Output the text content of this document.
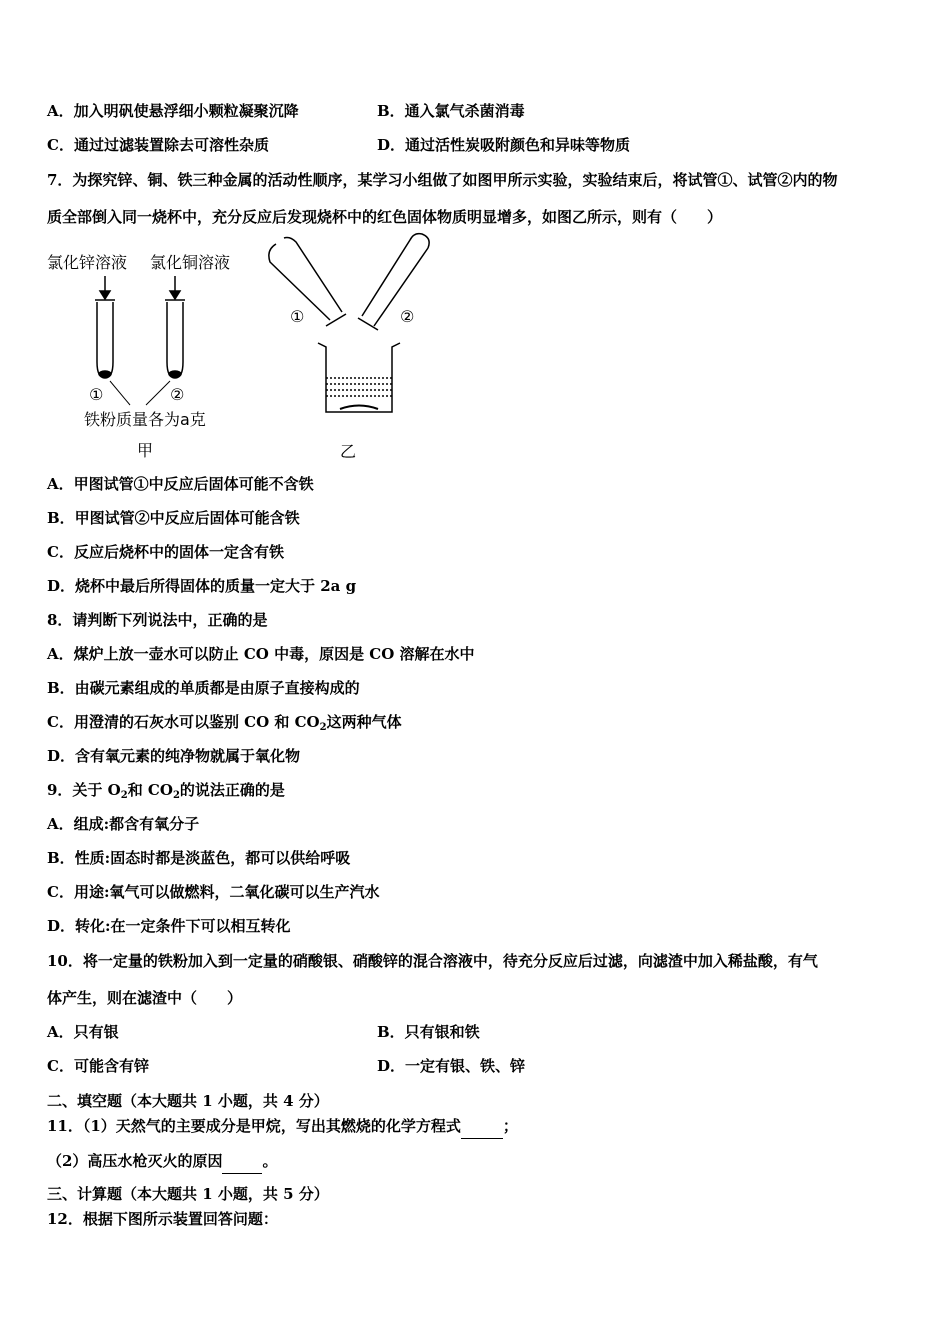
A．加入明矾使悬浮细小颗粒凝聚沉降	B．通入氯气杀菌消毒
C．通过过滤装置除去可溶性杂质	D．通过活性炭吸附颜色和异味等物质
7．为探究锌、铜、铁三种金属的活动性顺序，某学习小组做了如图甲所示实验，实验结束后，将试管①、试管②内的物
质全部倒入同一烧杯中，充分反应后发现烧杯中的红色固体物质明显增多，如图乙所示，则有（　　）
氯化锌溶液 氯化铜溶液
①	②
铁粉质量各为a克
甲
①	②
乙
A．甲图试管①中反应后固体可能不含铁
B．甲图试管②中反应后固体可能含铁
C．反应后烧杯中的固体一定含有铁
D．烧杯中最后所得固体的质量一定大于 2a g
8．请判断下列说法中，正确的是
A．煤炉上放一壶水可以防止 CO 中毒，原因是 CO 溶解在水中
B．由碳元素组成的单质都是由原子直接构成的
C．用澄清的石灰水可以鉴别 CO 和 $CO_2$这两种气体
D．含有氧元素的纯净物就属于氧化物
9．关于 $O_2$和 $CO_2$的说法正确的是
A．组成:都含有氧分子
B．性质:固态时都是淡蓝色，都可以供给呼吸
C．用途:氧气可以做燃料，二氧化碳可以生产汽水
D．转化:在一定条件下可以相互转化
10．将一定量的铁粉加入到一定量的硝酸银、硝酸锌的混合溶液中，待充分反应后过滤，向滤渣中加入稀盐酸，有气
体产生，则在滤渣中（　　）
A．只有银	B．只有银和铁
C．可能含有锌	D．一定有银、铁、锌
二、填空题（本大题共 1 小题，共 4 分）
11．（1）天然气的主要成分是甲烷，写出其燃烧的化学方程式	；
（2）高压水枪灭火的原因	。
三、计算题（本大题共 1 小题，共 5 分）
12．根据下图所示装置回答问题：
